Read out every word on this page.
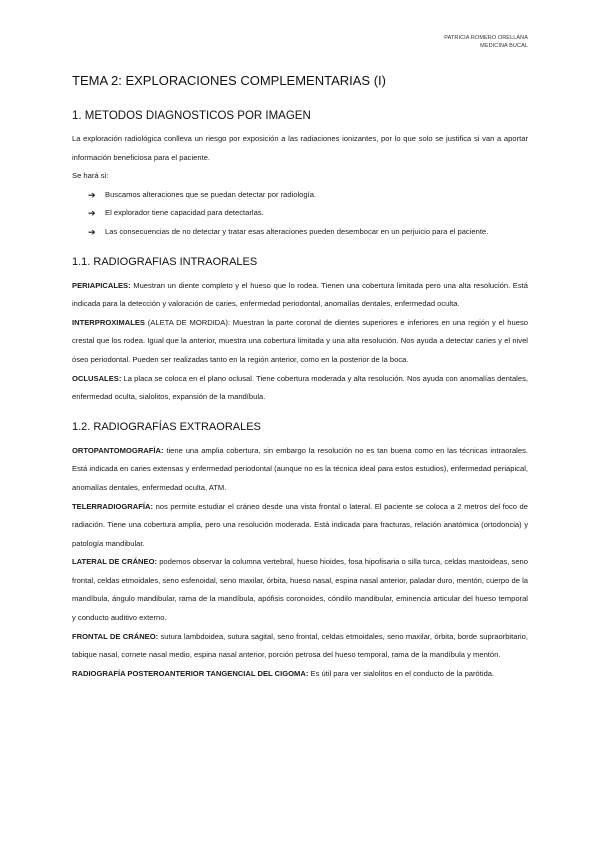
PATRICIA ROMERO ORELLANA
MEDICINA BUCAL
TEMA 2: EXPLORACIONES COMPLEMENTARIAS (I)
1. METODOS DIAGNOSTICOS POR IMAGEN

La exploración radiológica conlleva un riesgo por exposición a las radiaciones ionizantes, por lo que solo se justifica si van a aportar información beneficiosa para el paciente.

Se hará si:

➔ Buscamos alteraciones que se puedan detectar por radiología.
➔ El explorador tiene capacidad para detectarlas.
➔ Las consecuencias de no detectar y tratar esas alteraciones pueden desembocar en un perjuicio para el paciente.
1.1. RADIOGRAFIAS INTRAORALES

PERIAPICALES: Muestran un diente completo y el hueso que lo rodea. Tienen una cobertura limitada pero una alta resolución. Está indicada para la detección y valoración de caries, enfermedad periodontal, anomalías dentales, enfermedad oculta.

INTERPROXIMALES (ALETA DE MORDIDA): Muestran la parte coronal de dientes superiores e inferiores en una región y el hueso crestal que los rodea. Igual que la anterior, muestra una cobertura limitada y una alta resolución. Nos ayuda a detectar caries y el nivel óseo periodontal. Pueden ser realizadas tanto en la región anterior, como en la posterior de la boca.

OCLUSALES: La placa se coloca en el plano oclusal. Tiene cobertura moderada y alta resolución. Nos ayuda con anomalías dentales, enfermedad oculta, sialolitos, expansión de la mandíbula.

1.2. RADIOGRAFÍAS EXTRAORALES

ORTOPANTOMOGRAFÍA: tiene una amplia cobertura, sin embargo la resolución no es tan buena como en las técnicas intraorales. Está indicada en caries extensas y enfermedad periodontal (aunque no es la técnica ideal para estos estudios), enfermedad periapical, anomalías dentales, enfermedad oculta, ATM.

TELERRADIOGRAFÍA: nos permite estudiar el cráneo desde una vista frontal o lateral. El paciente se coloca a 2 metros del foco de radiación. Tiene una cobertura amplia, pero una resolución moderada. Está indicada para fracturas, relación anatómica (ortodoncia) y patología mandibular.

LATERAL DE CRÁNEO: podemos observar la columna vertebral, hueso hioides, fosa hipofisaria o silla turca, celdas mastoideas, seno frontal, celdas etmoidales, seno esfenoidal, seno maxilar, órbita, hueso nasal, espina nasal anterior, paladar duro, mentón, cuerpo de la mandíbula, ángulo mandibular, rama de la mandíbula, apófisis coronoides, cóndilo mandibular, eminencia articular del hueso temporal y conducto auditivo externo.

FRONTAL DE CRÁNEO: sutura lambdoidea, sutura sagital, seno frontal, celdas etmoidales, seno maxilar, órbita, borde supraorbitario, tabique nasal, cornete nasal medio, espina nasal anterior, porción petrosa del hueso temporal, rama de la mandíbula y mentón.

RADIOGRAFÍA POSTEROANTERIOR TANGENCIAL DEL CIGOMA: Es útil para ver sialolitos en el conducto de la parótida.
